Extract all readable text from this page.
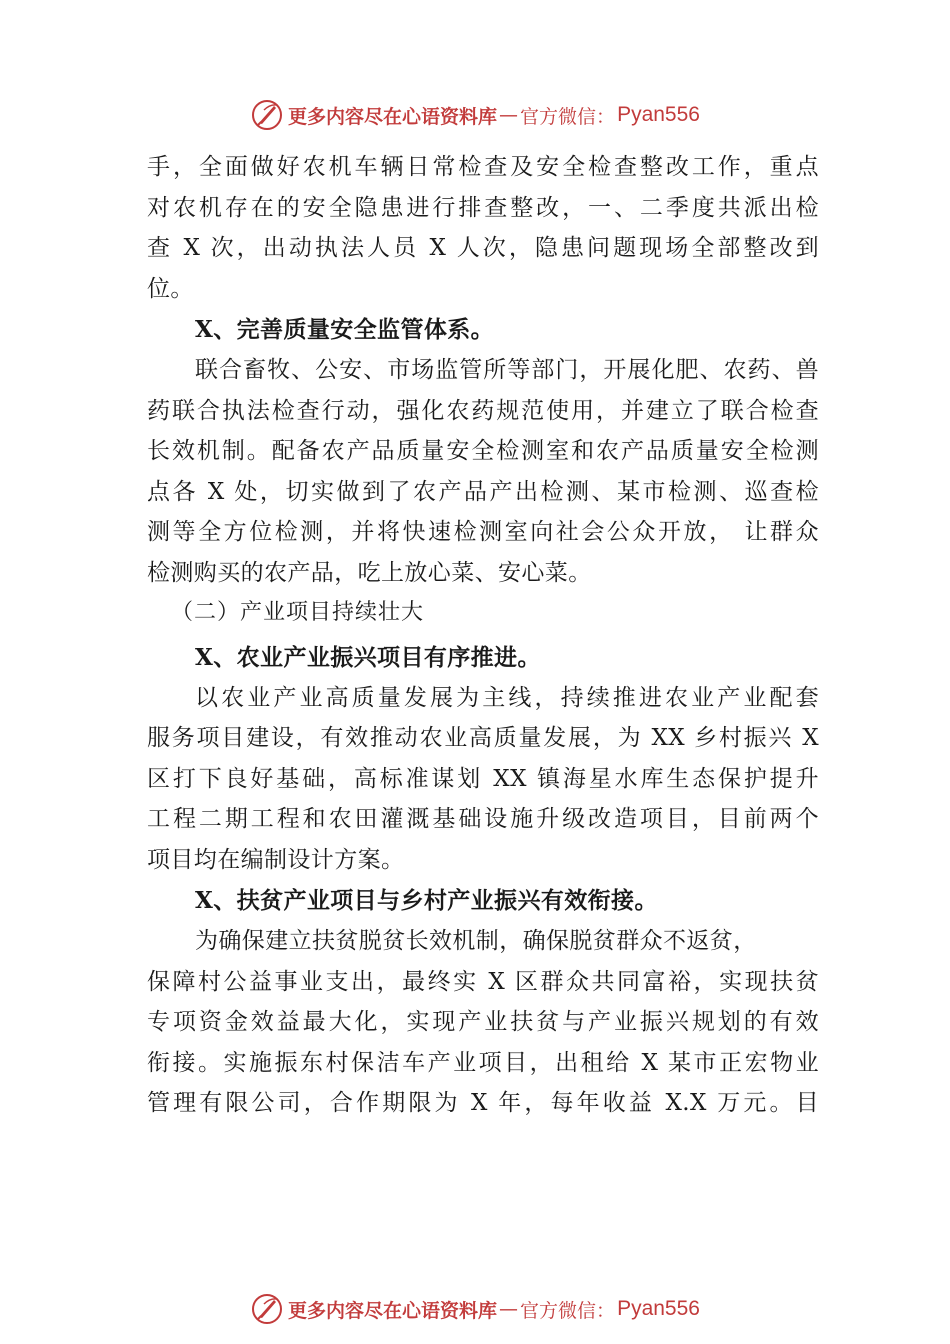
更多内容尽在心语资料库 — 官方微信： Pyan556
手，全面做好农机车辆日常检查及安全检查整改工作，重点
对农机存在的安全隐患进行排查整改，一、二季度共派出检
查 X 次，出动执法人员 X 人次，隐患问题现场全部整改到
位。
X、完善质量安全监管体系。
联合畜牧、公安、市场监管所等部门，开展化肥、农药、兽
药联合执法检查行动，强化农药规范使用，并建立了联合检查
长效机制。配备农产品质量安全检测室和农产品质量安全检测
点各 X 处，切实做到了农产品产出检测、某市检测、巡查检
测等全方位检测，并将快速检测室向社会公众开放， 让群众
检测购买的农产品，吃上放心菜、安心菜。
（二）产业项目持续壮大
X、农业产业振兴项目有序推进。
以农业产业高质量发展为主线，持续推进农业产业配套
服务项目建设，有效推动农业高质量发展，为 XX 乡村振兴 X
区打下良好基础，高标准谋划 XX 镇海星水库生态保护提升
工程二期工程和农田灌溉基础设施升级改造项目，目前两个
项目均在编制设计方案。
X、扶贫产业项目与乡村产业振兴有效衔接。
为确保建立扶贫脱贫长效机制，确保脱贫群众不返贫，
保障村公益事业支出，最终实 X 区群众共同富裕，实现扶贫
专项资金效益最大化，实现产业扶贫与产业振兴规划的有效
衔接。实施振东村保洁车产业项目，出租给 X 某市正宏物业
管理有限公司，合作期限为 X 年，每年收益 X.X 万元。目
更多内容尽在心语资料库 — 官方微信： Pyan556
